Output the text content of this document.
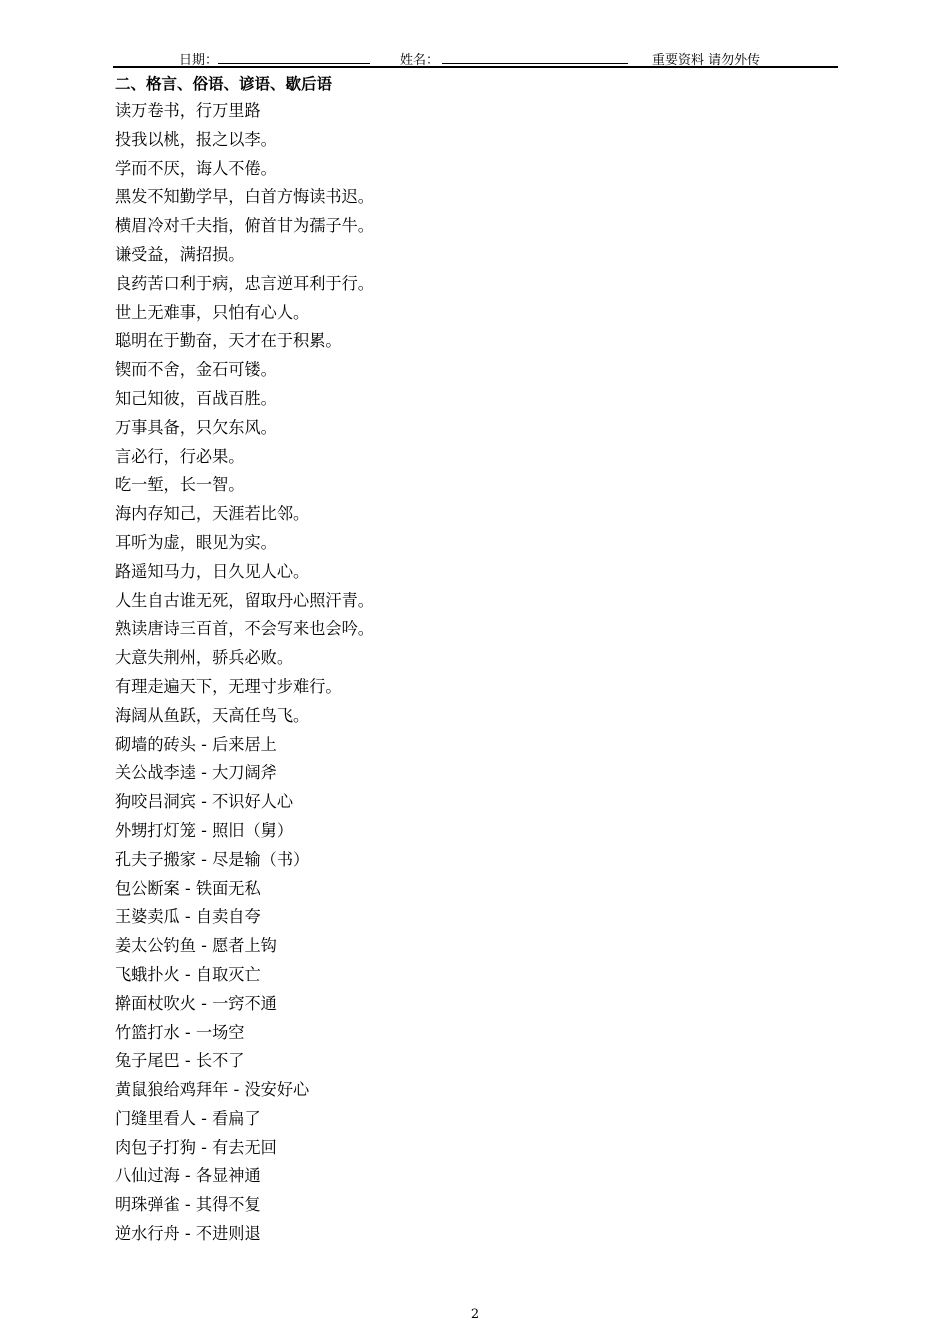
日期：	姓名：	重要资料 请勿外传
二、格言、俗语、谚语、歇后语
读万卷书，行万里路
投我以桃，报之以李。
学而不厌，诲人不倦。
黑发不知勤学早，白首方悔读书迟。
横眉冷对千夫指，俯首甘为孺子牛。
谦受益，满招损。
良药苦口利于病，忠言逆耳利于行。
世上无难事，只怕有心人。
聪明在于勤奋，天才在于积累。
锲而不舍，金石可镂。
知己知彼，百战百胜。
万事具备，只欠东风。
言必行，行必果。
吃一堑，长一智。
海内存知己，天涯若比邻。
耳听为虚，眼见为实。
路遥知马力，日久见人心。
人生自古谁无死，留取丹心照汗青。
熟读唐诗三百首，不会写来也会吟。
大意失荆州，骄兵必败。
有理走遍天下，无理寸步难行。
海阔从鱼跃，天高任鸟飞。
砌墙的砖头 - 后来居上
关公战李逵 - 大刀阔斧
狗咬吕洞宾 - 不识好人心
外甥打灯笼 - 照旧（舅）
孔夫子搬家 - 尽是输（书）
包公断案 - 铁面无私
王婆卖瓜 - 自卖自夸
姜太公钓鱼 - 愿者上钩
飞蛾扑火 - 自取灭亡
擀面杖吹火 - 一窍不通
竹篮打水 - 一场空
兔子尾巴 - 长不了
黄鼠狼给鸡拜年 - 没安好心
门缝里看人 - 看扁了
肉包子打狗 - 有去无回
八仙过海 - 各显神通
明珠弹雀 - 其得不复
逆水行舟 - 不进则退
2
